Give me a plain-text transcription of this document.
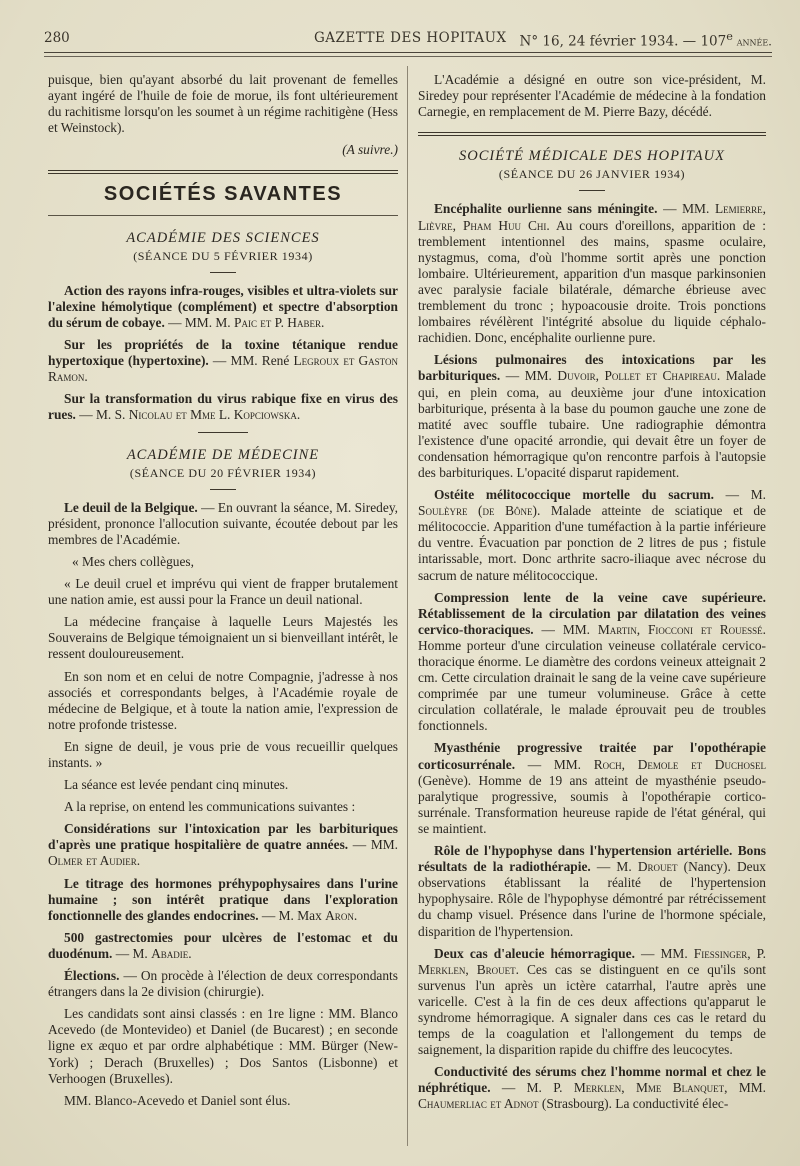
280	GAZETTE DES HOPITAUX N° 16, 24 février 1934. — 107e année.

puisque, bien qu'ayant absorbé du lait provenant de femelles ayant ingéré de l'huile de foie de morue, ils font ultérieurement du rachitisme lorsqu'on les soumet à un régime rachitigène (Hess et Weinstock).

(A suivre.)

SOCIÉTÉS SAVANTES
ACADÉMIE DES SCIENCES
(SÉANCE DU 5 FÉVRIER 1934)

Action des rayons infra-rouges, visibles et ultra-violets sur l'alexine hémolytique (complément) et spectre d'absorption du sérum de cobaye. — MM. M. Paic et P. Haber.

Sur les propriétés de la toxine tétanique rendue hypertoxique (hypertoxine). — MM. René Legroux et Gaston Ramon.

Sur la transformation du virus rabique fixe en virus des rues. — M. S. Nicolau et Mme L. Kopciowska.

ACADÉMIE DE MÉDECINE
(SÉANCE DU 20 FÉVRIER 1934)

Le deuil de la Belgique. — En ouvrant la séance, M. Siredey, président, prononce l'allocution suivante, écoutée debout par les membres de l'Académie.

« Mes chers collègues,

« Le deuil cruel et imprévu qui vient de frapper brutalement une nation amie, est aussi pour la France un deuil national.

La médecine française à laquelle Leurs Majestés les Souverains de Belgique témoignaient un si bienveillant intérêt, le ressent douloureusement.

En son nom et en celui de notre Compagnie, j'adresse à nos associés et correspondants belges, à l'Académie royale de médecine de Belgique, et à toute la nation amie, l'expression de notre profonde tristesse.

En signe de deuil, je vous prie de vous recueillir quelques instants. »

La séance est levée pendant cinq minutes.

A la reprise, on entend les communications suivantes :

Considérations sur l'intoxication par les barbituriques d'après une pratique hospitalière de quatre années. — MM. Olmer et Audier.

Le titrage des hormones préhypophysaires dans l'urine humaine ; son intérêt pratique dans l'exploration fonctionnelle des glandes endocrines. — M. Max Aron.

500 gastrectomies pour ulcères de l'estomac et du duodénum. — M. Abadie.

Élections. — On procède à l'élection de deux correspondants étrangers dans la 2e division (chirurgie).

Les candidats sont ainsi classés : en 1re ligne : MM. Blanco Acevedo (de Montevideo) et Daniel (de Bucarest) ; en seconde ligne ex æquo et par ordre alphabétique : MM. Bürger (New-York) ; Derach (Bruxelles) ; Dos Santos (Lisbonne) et Verhoogen (Bruxelles).

MM. Blanco-Acevedo et Daniel sont élus.

L'Académie a désigné en outre son vice-président, M. Siredey pour représenter l'Académie de médecine à la fondation Carnegie, en remplacement de M. Pierre Bazy, décédé.

SOCIÉTÉ MÉDICALE DES HOPITAUX
(SÉANCE DU 26 JANVIER 1934)

Encéphalite ourlienne sans méningite. — MM. Lemierre, Lièvre, Pham Huu Chi. Au cours d'oreillons, apparition de : tremblement intentionnel des mains, spasme oculaire, nystagmus, coma, d'où l'homme sortit après une ponction lombaire. Ultérieurement, apparition d'un masque parkinsonien avec paralysie faciale bilatérale, démarche ébrieuse avec tremblement du tronc ; hypoacousie droite. Trois ponctions lombaires révélèrent l'intégrité absolue du liquide céphalo-rachidien. Donc, encéphalite ourlienne pure.

Lésions pulmonaires des intoxications par les barbituriques. — MM. Duvoir, Pollet et Chapireau. Malade qui, en plein coma, au deuxième jour d'une intoxication barbiturique, présenta à la base du poumon gauche une zone de matité avec souffle tubaire. Une radiographie démontra l'existence d'une opacité arrondie, qui devait être un foyer de condensation hémorragique qu'on rencontre parfois à l'autopsie des barbituriques. L'opacité disparut rapidement.

Ostéite mélitococcique mortelle du sacrum. — M. Soulèyre (de Bône). Malade atteinte de sciatique et de mélitococcie. Apparition d'une tuméfaction à la partie inférieure du ventre. Évacuation par ponction de 2 litres de pus ; fistule intarissable, mort. Donc arthrite sacro-iliaque avec nécrose du sacrum de nature mélitococcique.

Compression lente de la veine cave supérieure. Rétablissement de la circulation par dilatation des veines cervico-thoraciques. — MM. Martin, Fiocconi et Rouessé. Homme porteur d'une circulation veineuse collatérale cervico-thoracique énorme. Le diamètre des cordons veineux atteignait 2 cm. Cette circulation drainait le sang de la veine cave supérieure comprimée par une tumeur volumineuse. Grâce à cette circulation collatérale, le malade éprouvait peu de troubles fonctionnels.

Myasthénie progressive traitée par l'opothérapie corticosurrénale. — MM. Roch, Demole et Duchosel (Genève). Homme de 19 ans atteint de myasthénie pseudo-paralytique progressive, soumis à l'opothérapie cortico-surrénale. Transformation heureuse rapide de l'état général, qui se maintient.

Rôle de l'hypophyse dans l'hypertension artérielle. Bons résultats de la radiothérapie. — M. Drouet (Nancy). Deux observations établissant la réalité de l'hypertension hypophysaire. Rôle de l'hypophyse démontré par rétrécissement du champ visuel. Présence dans l'urine de l'hormone spéciale, disparition de l'hypertension.

Deux cas d'aleucie hémorragique. — MM. Fiessinger, P. Merklen, Brouet. Ces cas se distinguent en ce qu'ils sont survenus l'un après un ictère catarrhal, l'autre après une varicelle. C'est à la fin de ces deux affections qu'apparut le syndrome hémorragique. A signaler dans ces cas le retard du temps de la coagulation et l'allongement du temps de saignement, la disparition rapide du chiffre des leucocytes.

Conductivité des sérums chez l'homme normal et chez le néphrétique. — M. P. Merklen, Mme Blanquet, MM. Chaumerliac et Adnot (Strasbourg). La conductivité élec-
